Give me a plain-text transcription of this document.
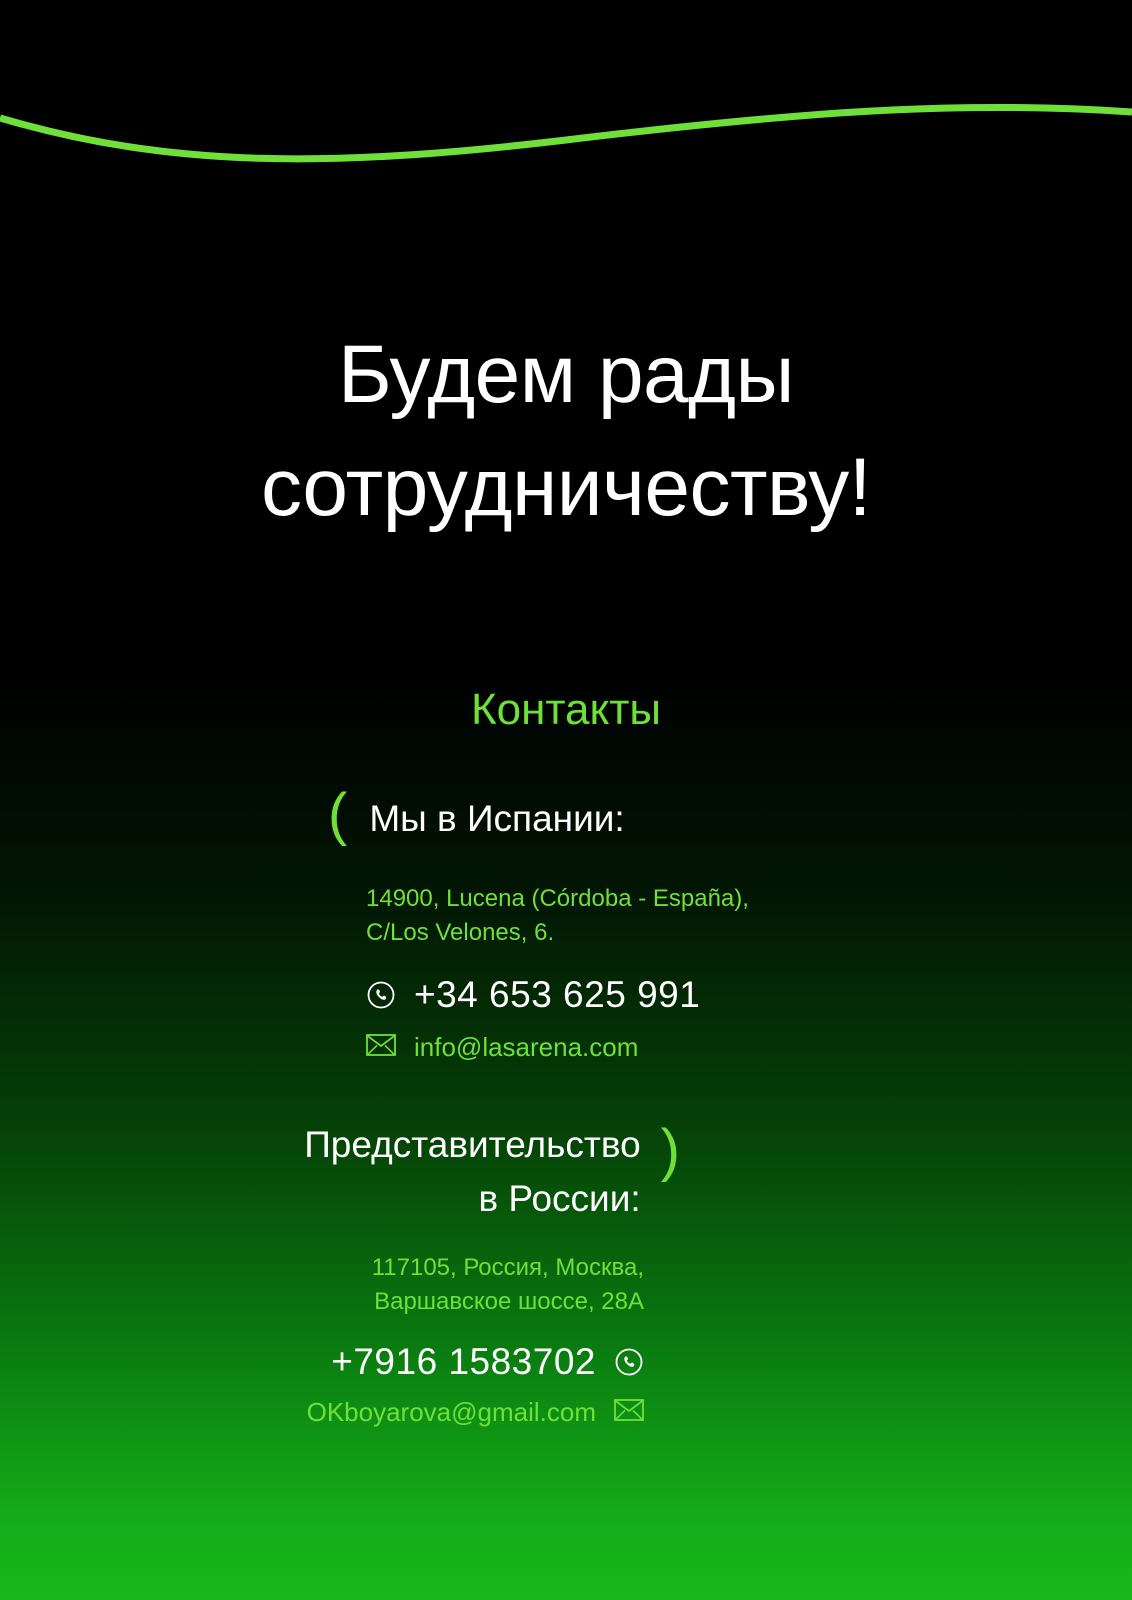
Будем рады
сотрудничеству!
Контакты
( Мы в Испании:
14900, Lucena (Córdoba - España),
C/Los Velones, 6.
+34 653 625 991
info@lasarena.com
Представительство
в России:
)
117105, Россия, Москва,
Варшавское шоссе, 28А
+7916 1583702
OKboyarova@gmail.com
